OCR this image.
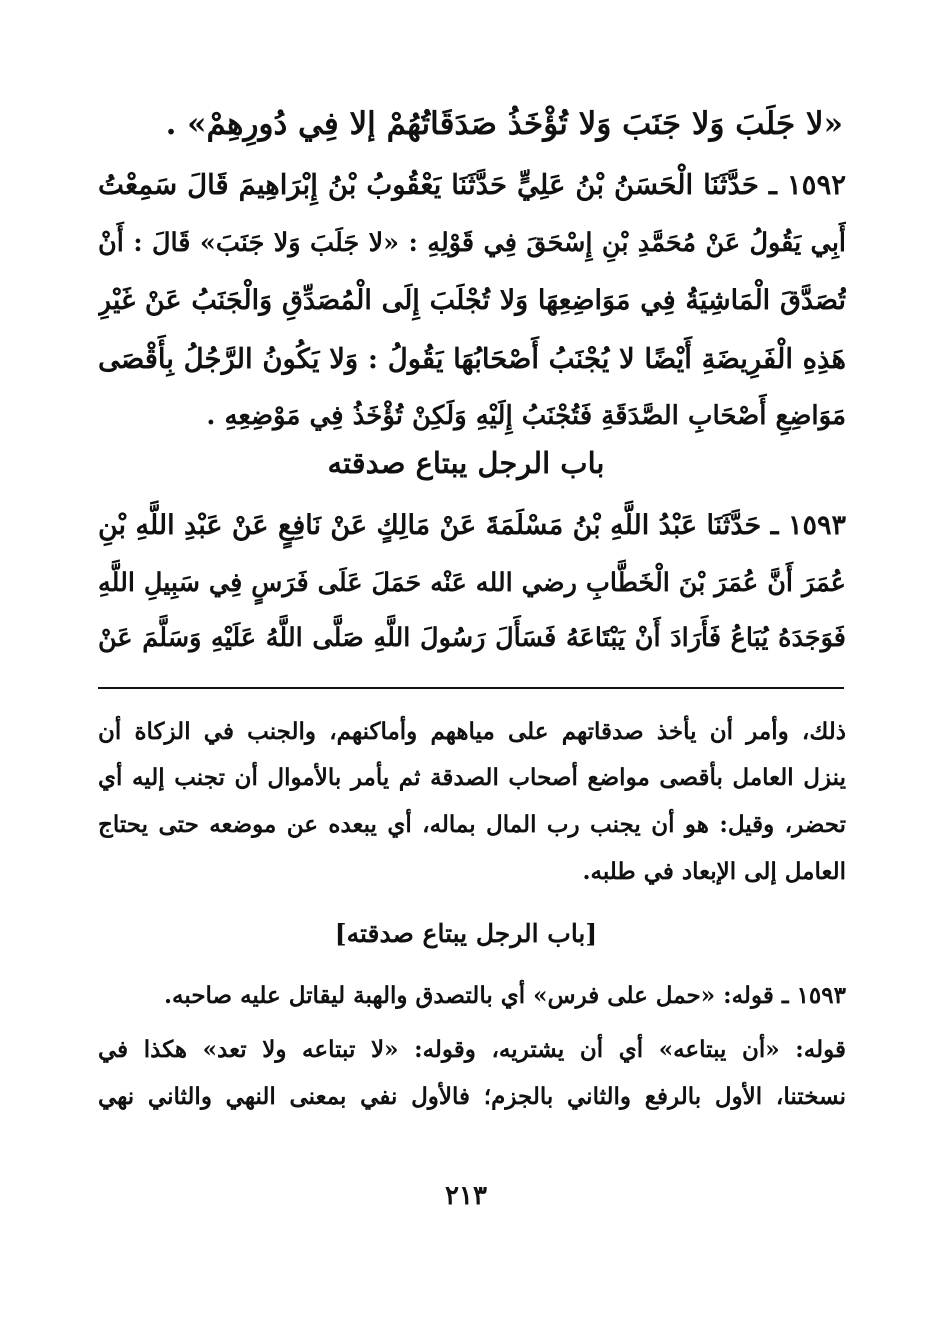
«لا جَلَبَ وَلا جَنَبَ وَلا تُؤْخَذُ صَدَقَاتُهُمْ إلا فِي دُورِهِمْ» .
١٥٩٢ ـ حَدَّثَنَا الْحَسَنُ بْنُ عَلِيٍّ حَدَّثَنَا يَعْقُوبُ بْنُ إِبْرَاهِيمَ قَالَ سَمِعْتُ
أَبِي يَقُولُ عَنْ مُحَمَّدِ بْنِ إِسْحَقَ فِي قَوْلِهِ : «لا جَلَبَ وَلا جَنَبَ» قَالَ : أَنْ
تُصَدَّقَ الْمَاشِيَةُ فِي مَوَاضِعِهَا وَلا تُجْلَبَ إِلَى الْمُصَدِّقِ وَالْجَنَبُ عَنْ غَيْرِ
هَذِهِ الْفَرِيضَةِ أَيْضًا لا يُجْنَبُ أَصْحَابُهَا يَقُولُ : وَلا يَكُونُ الرَّجُلُ بِأَقْصَى
مَوَاضِعِ أَصْحَابِ الصَّدَقَةِ فَتُجْنَبُ إِلَيْهِ وَلَكِنْ تُؤْخَذُ فِي مَوْضِعِهِ .
باب الرجل يبتاع صدقته
١٥٩٣ ـ حَدَّثَنَا عَبْدُ اللَّهِ بْنُ مَسْلَمَةَ عَنْ مَالِكٍ عَنْ نَافِعٍ عَنْ عَبْدِ اللَّهِ بْنِ
عُمَرَ أَنَّ عُمَرَ بْنَ الْخَطَّابِ رضي الله عَنْه حَمَلَ عَلَى فَرَسٍ فِي سَبِيلِ اللَّهِ
فَوَجَدَهُ يُبَاعُ فَأَرَادَ أَنْ يَبْتَاعَهُ فَسَأَلَ رَسُولَ اللَّهِ صَلَّى اللَّهُ عَلَيْهِ وَسَلَّمَ عَنْ
ذلك، وأمر أن يأخذ صدقاتهم على مياههم وأماكنهم، والجنب في الزكاة أن
ينزل العامل بأقصى مواضع أصحاب الصدقة ثم يأمر بالأموال أن تجنب إليه أي
تحضر، وقيل: هو أن يجنب رب المال بماله، أي يبعده عن موضعه حتى يحتاج
العامل إلى الإبعاد في طلبه.
[باب الرجل يبتاع صدقته]
١٥٩٣ ـ قوله: «حمل على فرس» أي بالتصدق والهبة ليقاتل عليه صاحبه.
قوله: «أن يبتاعه» أي أن يشتريه، وقوله: «لا تبتاعه ولا تعد» هكذا في
نسختنا، الأول بالرفع والثاني بالجزم؛ فالأول نفي بمعنى النهي والثاني نهي
٢١٣
